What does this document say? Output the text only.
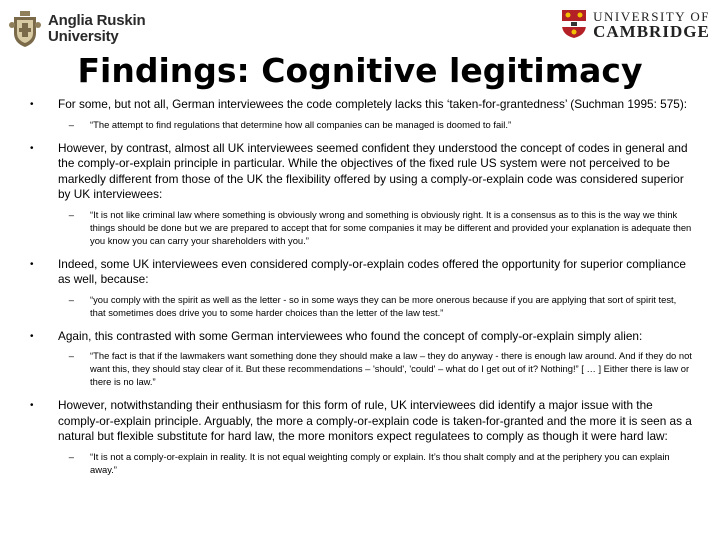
Anglia Ruskin
University
UNIVERSITY OF
CAMBRIDGE
Findings: Cognitive legitimacy
•	For some, but not all, German interviewees the code completely lacks this ‘taken-for-grantedness’ (Suchman 1995: 575):
–	“The attempt to find regulations that determine how all companies can be managed is doomed to fail.”
•	However, by contrast, almost all UK interviewees seemed confident they understood the concept of codes in general and the comply-or-explain principle in particular. While the objectives of the fixed rule US system were not perceived to be markedly different from those of the UK the flexibility offered by using a comply-or-explain code was considered superior by UK interviewees:
–	“It is not like criminal law where something is obviously wrong and something is obviously right. It is a consensus as to this is the way we think things should be done but we are prepared to accept that for some companies it may be different and provided your explanation is adequate then you know you can carry your shareholders with you.”
•	Indeed, some UK interviewees even considered comply-or-explain codes offered the opportunity for superior compliance as well, because:
–	“you comply with the spirit as well as the letter - so in some ways they can be more onerous because if you are applying that sort of spirit test, that sometimes does drive you to some harder choices than the letter of the law test.”
•	Again, this contrasted with some German interviewees who found the concept of comply-or-explain simply alien:
–	“The fact is that if the lawmakers want something done they should make a law – they do anyway - there is enough law around. And if they do not want this, they should stay clear of it. But these recommendations – 'should', 'could' – what do I get out of it? Nothing!” [ … ] Either there is law or there is no law.”
•	However, notwithstanding their enthusiasm for this form of rule, UK interviewees did identify a major issue with the comply-or-explain principle. Arguably, the more a comply-or-explain code is taken-for-granted and the more it is seen as a natural but flexible substitute for hard law, the more monitors expect regulatees to comply as though it were hard law:
–	“It is not a comply-or-explain in reality. It is not equal weighting comply or explain. It’s thou shalt comply and at the periphery you can explain away.”
